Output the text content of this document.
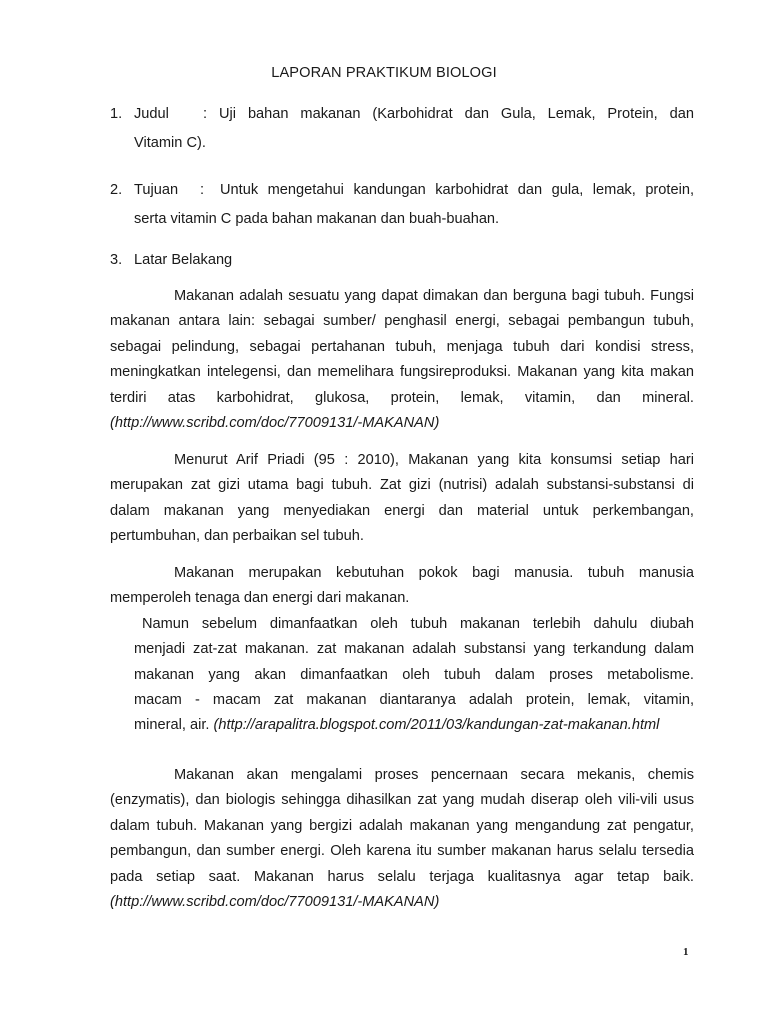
LAPORAN PRAKTIKUM BIOLOGI
1. Judul	: Uji bahan makanan (Karbohidrat dan Gula, Lemak, Protein, dan
Vitamin C).
2. Tujuan	:	Untuk mengetahui kandungan karbohidrat dan gula, lemak, protein,
serta vitamin C pada bahan makanan dan buah-buahan.
3. Latar Belakang

Makanan adalah sesuatu yang dapat dimakan dan berguna bagi tubuh. Fungsi makanan antara lain: sebagai sumber/ penghasil energi, sebagai pembangun tubuh, sebagai pelindung, sebagai pertahanan tubuh, menjaga tubuh dari kondisi stress, meningkatkan intelegensi, dan memelihara fungsireproduksi. Makanan yang kita makan terdiri atas karbohidrat, glukosa, protein, lemak, vitamin, dan mineral. (http://www.scribd.com/doc/77009131/-MAKANAN)

Menurut Arif Priadi (95 : 2010), Makanan yang kita konsumsi setiap hari merupakan zat gizi utama bagi tubuh. Zat gizi (nutrisi) adalah substansi-substansi di dalam makanan yang menyediakan energi dan material untuk perkembangan, pertumbuhan, dan perbaikan sel tubuh.

Makanan merupakan kebutuhan pokok bagi manusia. tubuh manusia
memperoleh tenaga dan energi dari makanan.
Namun sebelum dimanfaatkan oleh tubuh makanan terlebih dahulu diubah
menjadi zat-zat makanan. zat makanan adalah substansi yang terkandung dalam
makanan yang akan dimanfaatkan oleh tubuh dalam proses metabolisme.
macam - macam zat makanan diantaranya adalah protein, lemak, vitamin,
mineral, air. (http://arapalitra.blogspot.com/2011/03/kandungan-zat-makanan.html

Makanan akan mengalami proses pencernaan secara mekanis, chemis (enzymatis), dan biologis sehingga dihasilkan zat yang mudah diserap oleh vili-vili usus dalam tubuh. Makanan yang bergizi adalah makanan yang mengandung zat pengatur, pembangun, dan sumber energi. Oleh karena itu sumber makanan harus selalu tersedia pada setiap saat. Makanan harus selalu terjaga kualitasnya agar tetap baik. (http://www.scribd.com/doc/77009131/-MAKANAN)

1
